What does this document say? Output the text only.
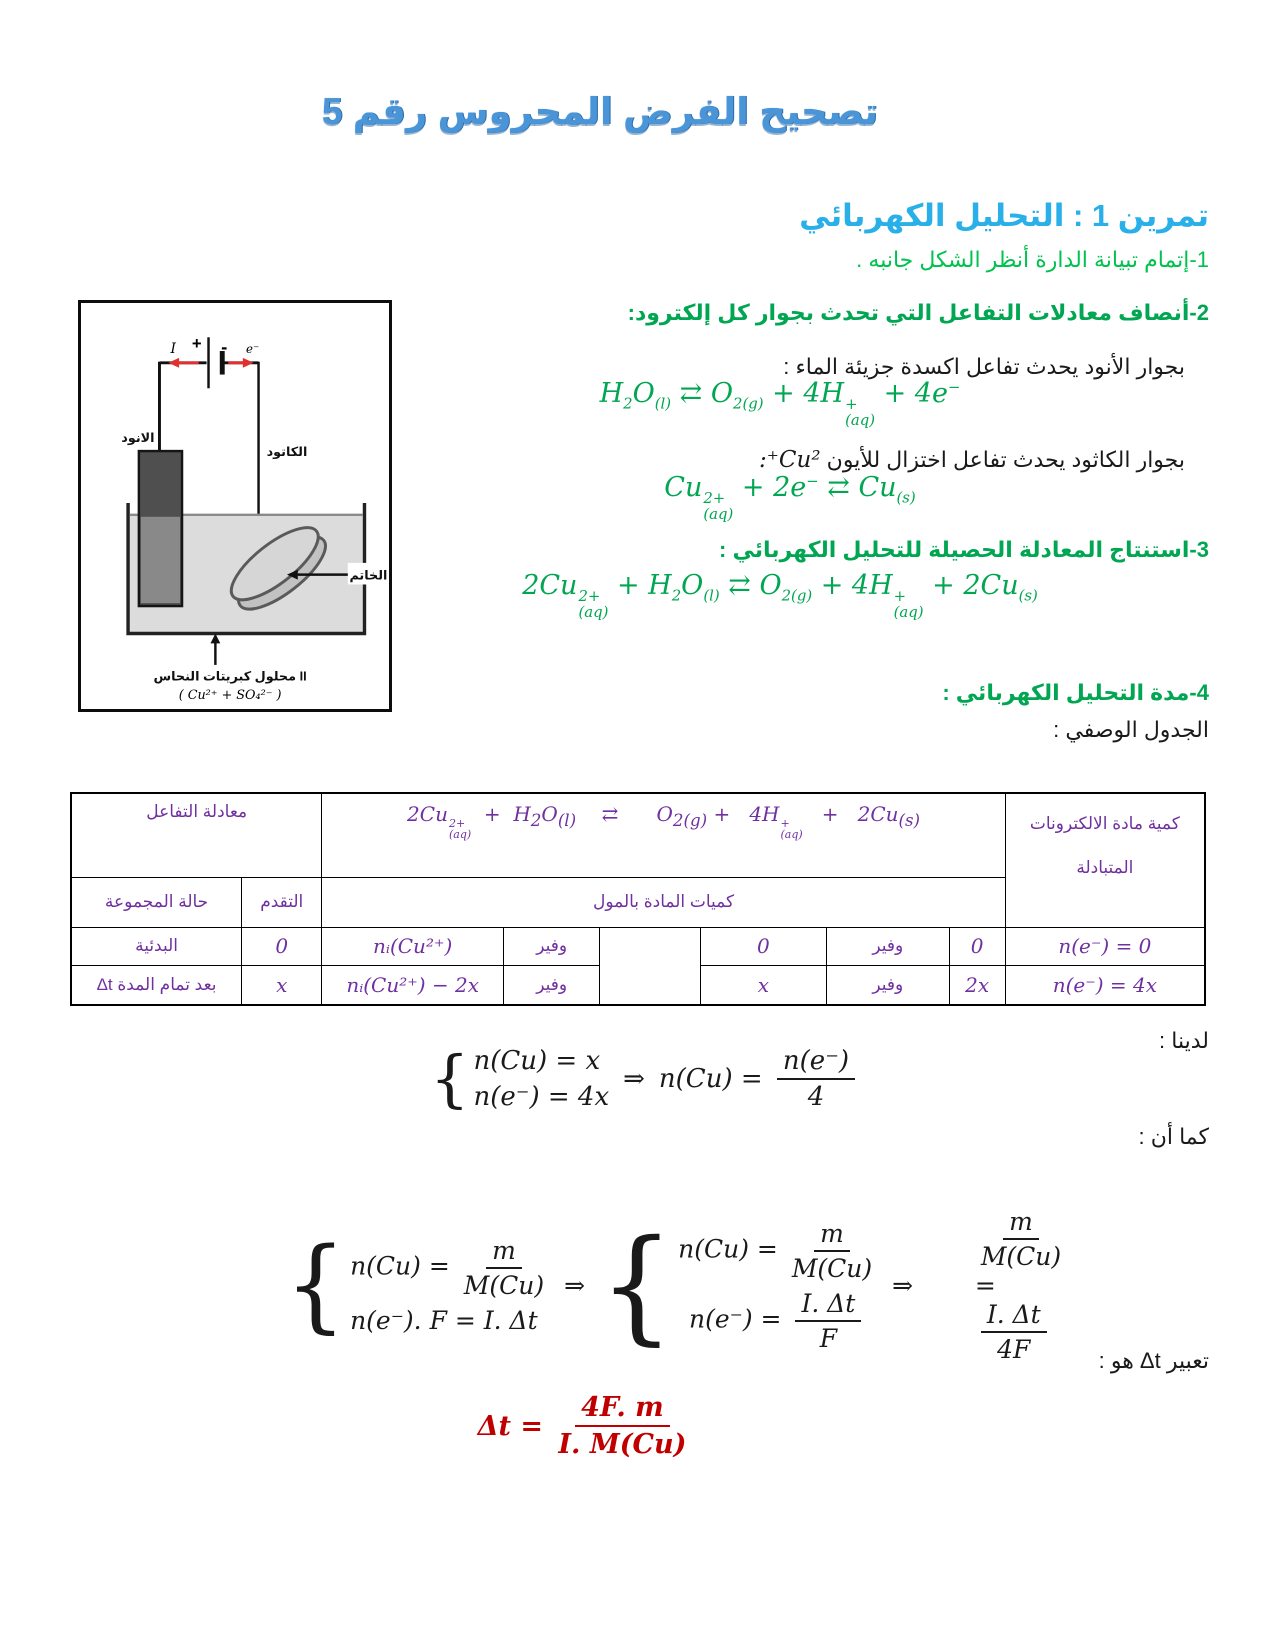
تصحيح الفرض المحروس رقم 5
تمرين 1 : التحليل الكهربائي
1-إتمام تبيانة الدارة أنظر الشكل جانبه .
I + - e⁻
الانود
الكاتود
الخاتم
محلول كبريتات النحاس II
( Cu²⁺ + SO₄²⁻ )
2-أنصاف معادلات التفاعل التي تحدث بجوار كل إلكترود:
بجوار الأنود يحدث تفاعل اكسدة جزيئة الماء :
$H_2O_{(l)}$ ⇄ $O_{2(g)} + 4H$ +
(aq)
+ 4e−
بجوار الكاثود يحدث تفاعل اختزال للأيون Cu²⁺:
Cu 2+
(aq)
+ 2e− ⇄ $Cu_{(s)}$
3-استنتاج المعادلة الحصيلة للتحليل الكهربائي :
2Cu 2+
(aq)
+ $H_2O_{(l)}$ ⇄ $O_{2(g)} + 4H$ +
(aq)
+ $2Cu_{(s)}$
4-مدة التحليل الكهربائي :
الجدول الوصفي :
معادلة التفاعل	2Cu 2+
(aq)
+  $H_2O_{(l)}$    ⇄      $O_{2(g)} + 4H$ +
(aq)
+   $2Cu_{(s)}$	كمية مادة الالكترونات المتبادلة
حالة المجموعة	التقدم	كميات المادة بالمول						
البدئية	0	nᵢ(Cu²⁺)	وفير		0	وفير	0	n(e⁻) = 0
بعد تمام المدة Δt	x	nᵢ(Cu²⁺) − 2x	وفير		x	وفير	2x	n(e⁻) = 4x
لدينا :
{ n(Cu) = x
n(e⁻) = 4x
⇒ $n(Cu) = \frac{n(e^-)}{4}$
كما أن :
{ $n(Cu) = \frac{m}{M(Cu)}$
n(e⁻). F = I. Δt
⇒ { $n(Cu) = \frac{m}{M(Cu)}$
$n(e^-) = \frac{I. \Delta t}{F}$
⇒

$\frac{m}{M(Cu)}$

=

$\frac{I. \Delta t}{4F}$

تعبير Δt هو :
$\Delta t = \frac{4F. m}{I. M(Cu)}$
